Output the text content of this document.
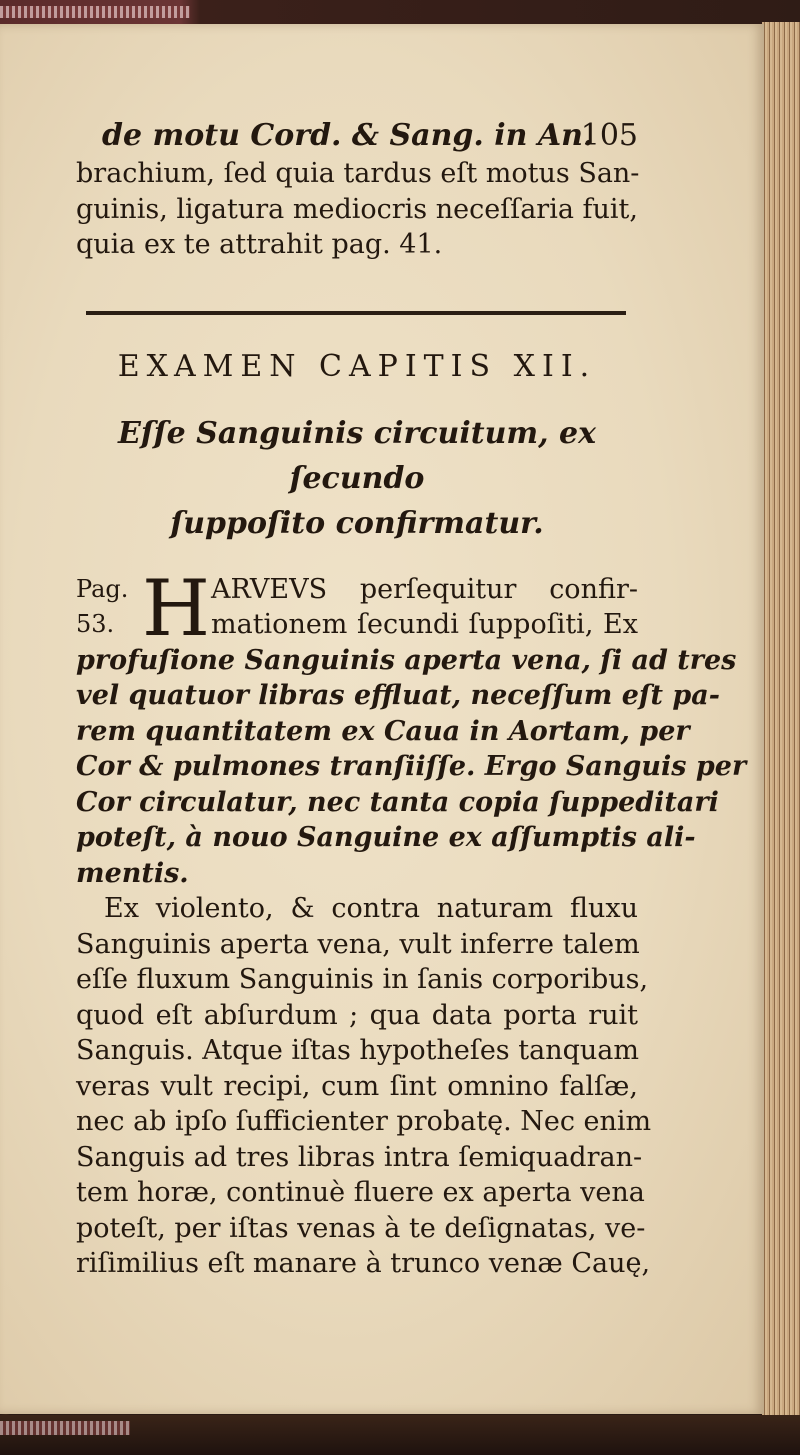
de motu Cord. & Sang. in An.
105
brachium, ſed quia tardus eſt motus San-
guinis, ligatura mediocris neceſſaria fuit,
quia ex te attrahit pag. 41.
EXAMEN CAPITIS XII.
Eſſe Sanguinis circuitum, ex ſecundo
ſuppoſito confirmatur.
Pag.
53. H ARVEVS perſequitur confir-
mationem ſecundi ſuppoſiti, Ex
profuſione Sanguinis aperta vena, ſi ad tres
vel quatuor libras effluat, neceſſum eſt pa-
rem quantitatem ex Caua in Aortam, per
Cor & pulmones tranſiiſſe. Ergo Sanguis per
Cor circulatur, nec tanta copia ſuppeditari
poteſt, à nouo Sanguine ex aſſumptis ali-
mentis.
Ex violento, & contra naturam fluxu
Sanguinis aperta vena, vult inferre talem
eſſe fluxum Sanguinis in ſanis corporibus,
quod eſt abſurdum ; qua data porta ruit
Sanguis. Atque iſtas hypotheſes tanquam
veras vult recipi, cum ſint omnino falſæ,
nec ab ipſo ſufficienter probatę. Nec enim
Sanguis ad tres libras intra ſemiquadran-
tem horæ, continuè fluere ex aperta vena
poteſt, per iſtas venas à te deſignatas, ve-
riſimilius eſt manare à trunco venæ Cauę,
